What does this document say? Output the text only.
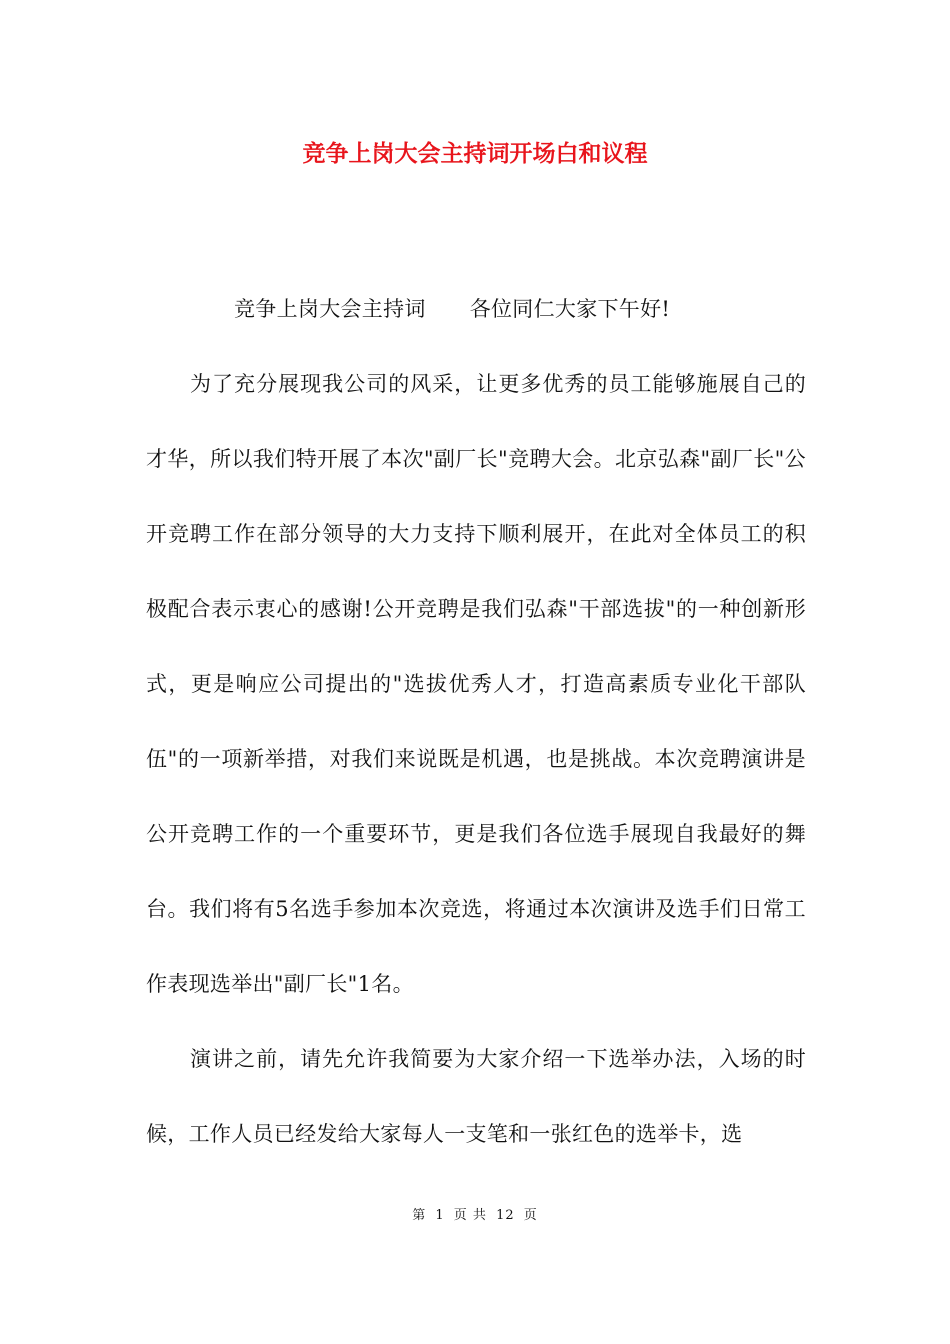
竞争上岗大会主持词开场白和议程

竞争上岗大会主持词 各位同仁大家下午好!

为了充分展现我公司的风采，让更多优秀的员工能够施展自己的才华，所以我们特开展了本次"副厂长"竞聘大会。北京弘森"副厂长"公开竞聘工作在部分领导的大力支持下顺利展开，在此对全体员工的积极配合表示衷心的感谢!公开竞聘是我们弘森"干部选拔"的一种创新形式，更是响应公司提出的"选拔优秀人才，打造高素质专业化干部队伍"的一项新举措，对我们来说既是机遇，也是挑战。本次竞聘演讲是公开竞聘工作的一个重要环节，更是我们各位选手展现自我最好的舞台。我们将有5名选手参加本次竞选，将通过本次演讲及选手们日常工作表现选举出"副厂长"1名。

演讲之前，请先允许我简要为大家介绍一下选举办法，入场的时候，工作人员已经发给大家每人一支笔和一张红色的选举卡，选

第 1 页 共 12 页
